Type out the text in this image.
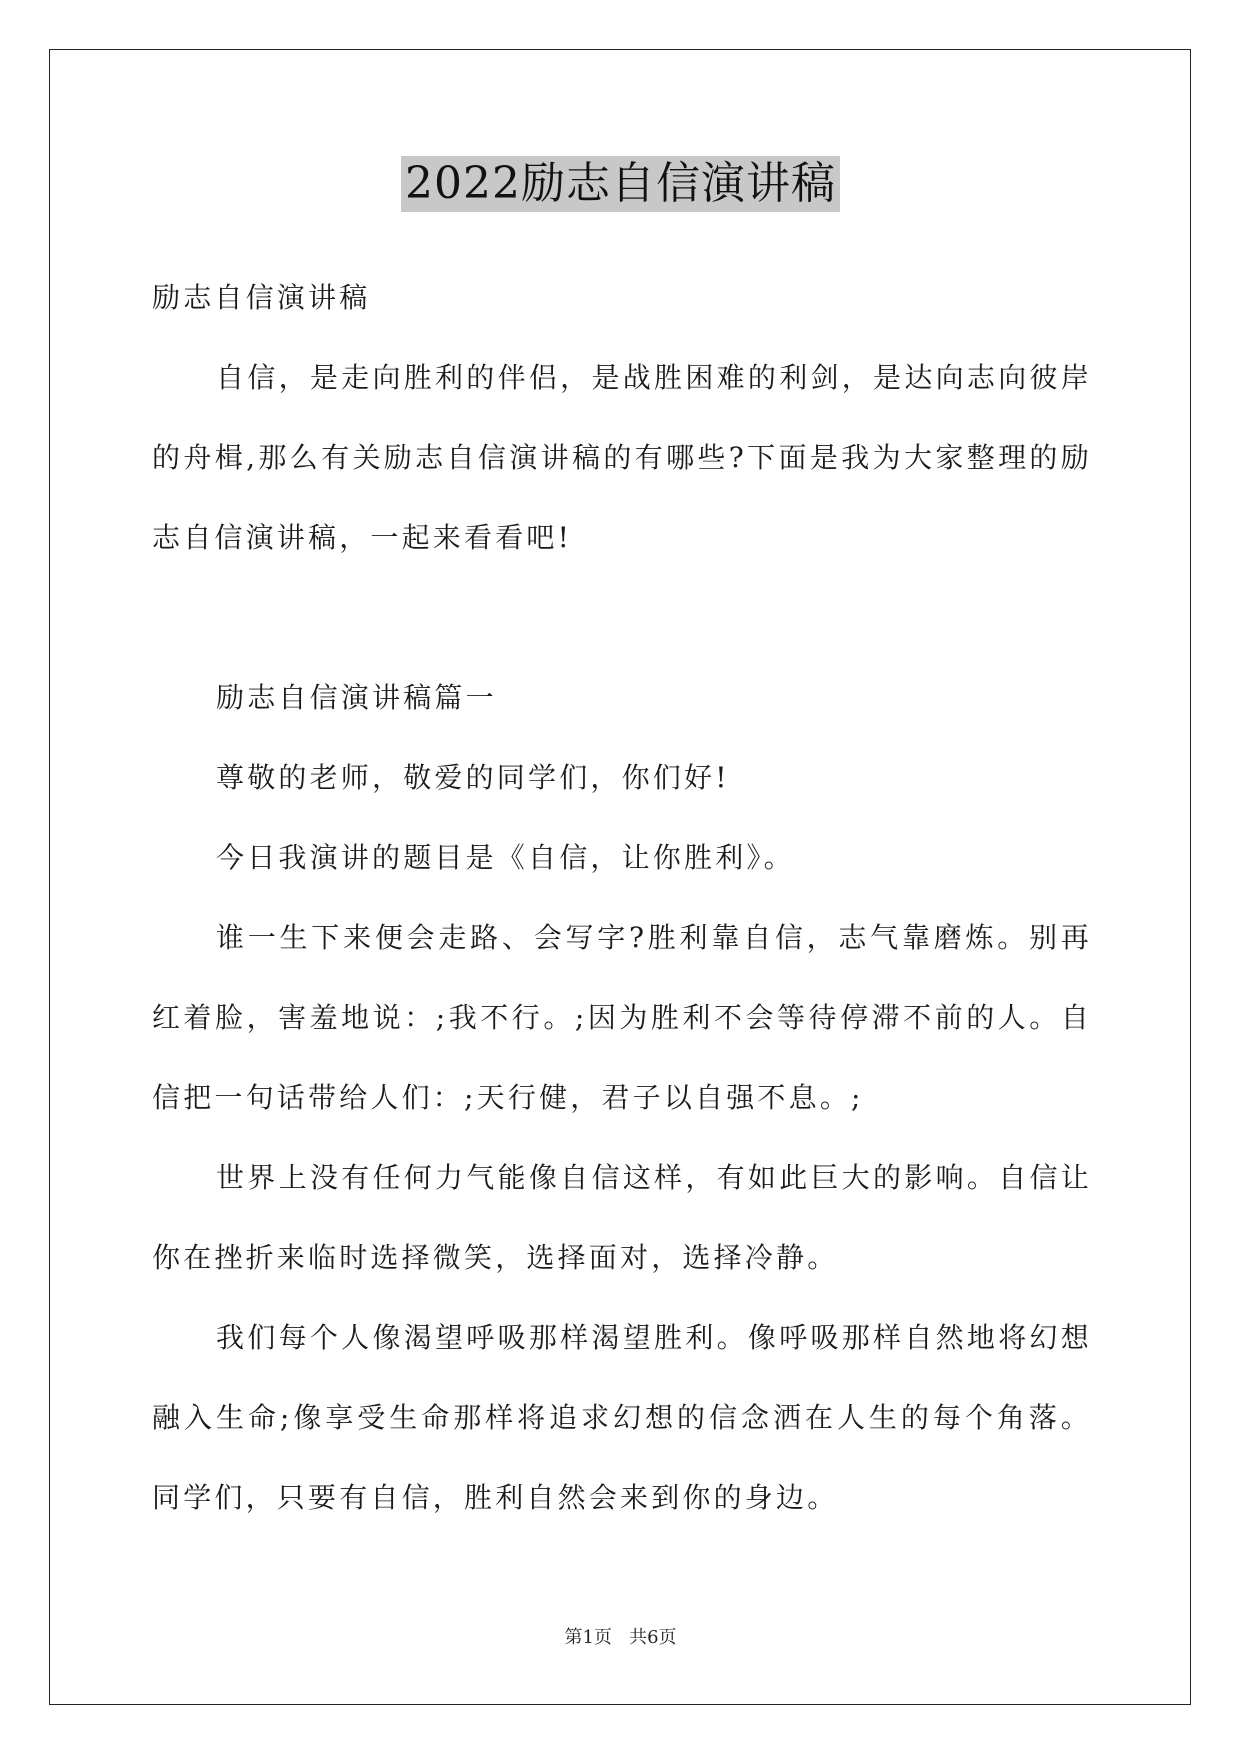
2022励志自信演讲稿

励志自信演讲稿

自信，是走向胜利的伴侣，是战胜困难的利剑，是达向志向彼岸的舟楫,那么有关励志自信演讲稿的有哪些?下面是我为大家整理的励志自信演讲稿，一起来看看吧!

励志自信演讲稿篇一

尊敬的老师，敬爱的同学们，你们好!

今日我演讲的题目是《自信，让你胜利》。

谁一生下来便会走路、会写字?胜利靠自信，志气靠磨炼。别再红着脸，害羞地说：;我不行。;因为胜利不会等待停滞不前的人。自信把一句话带给人们：;天行健，君子以自强不息。;

世界上没有任何力气能像自信这样，有如此巨大的影响。自信让你在挫折来临时选择微笑，选择面对，选择冷静。

我们每个人像渴望呼吸那样渴望胜利。像呼吸那样自然地将幻想融入生命;像享受生命那样将追求幻想的信念洒在人生的每个角落。同学们，只要有自信，胜利自然会来到你的身边。

第1页 共6页
